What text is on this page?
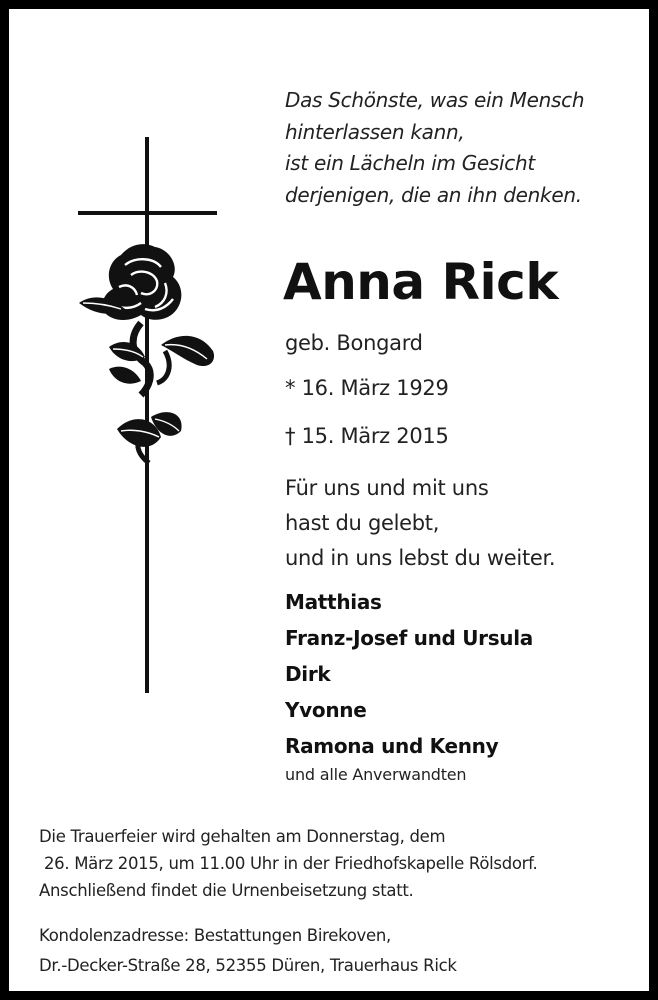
Das Schönste, was ein Mensch
hinterlassen kann,
ist ein Lächeln im Gesicht
derjenigen, die an ihn denken.
Anna Rick
geb. Bongard
* 16. März 1929
† 15. März 2015
Für uns und mit uns
hast du gelebt,
und in uns lebst du weiter.
Matthias
Franz-Josef und Ursula
Dirk
Yvonne
Ramona und Kenny
und alle Anverwandten
Die Trauerfeier wird gehalten am Donnerstag, dem
26. März 2015, um 11.00 Uhr in der Friedhofskapelle Rölsdorf.
Anschließend findet die Urnenbeisetzung statt.
Kondolenzadresse: Bestattungen Birekoven,
Dr.-Decker-Straße 28, 52355 Düren, Trauerhaus Rick
